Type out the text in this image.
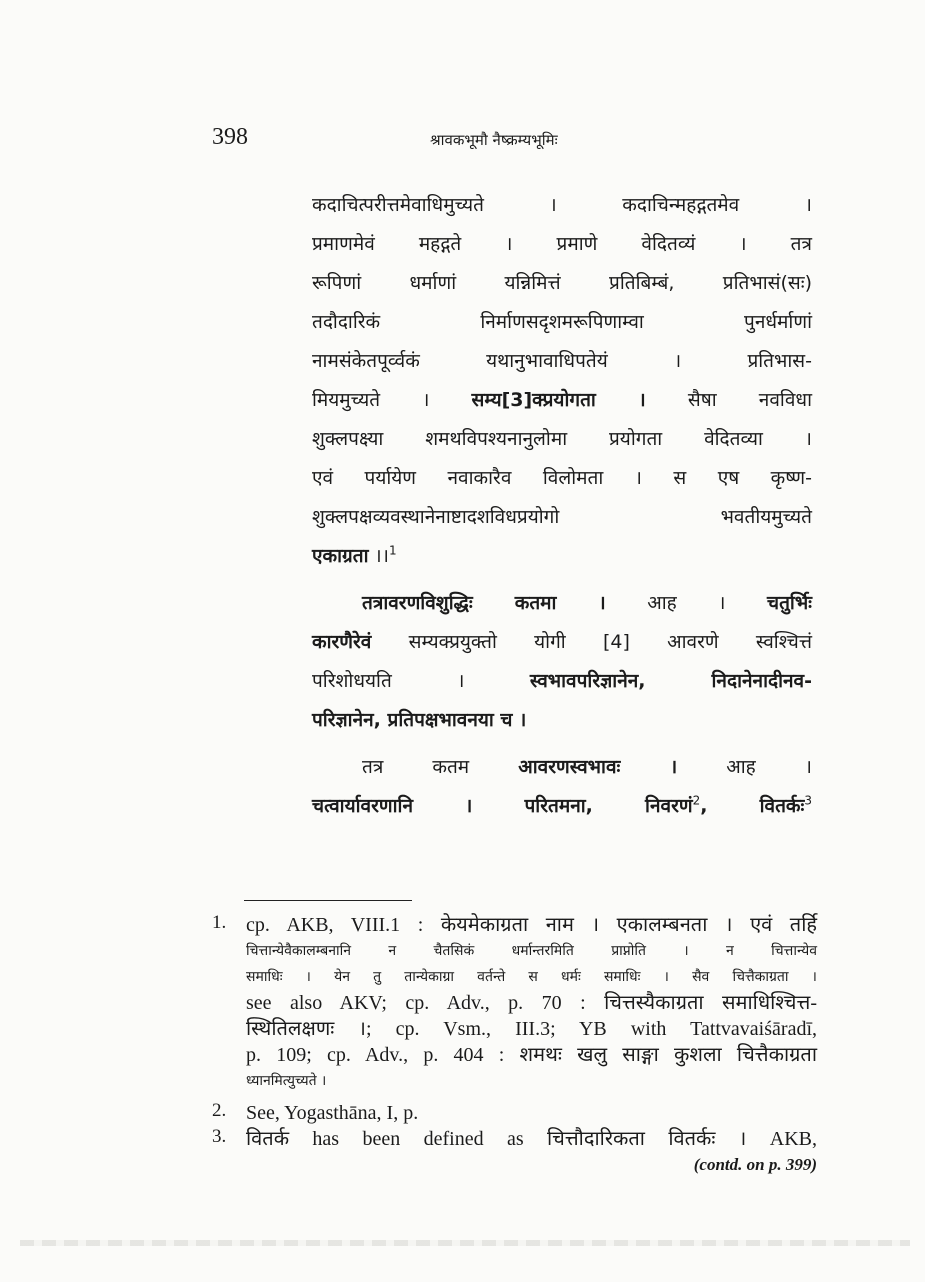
398	श्रावकभूमौ नैष्क्रम्यभूमिः
कदाचित्परीत्तमेवाधिमुच्यते । कदाचिन्महद्गतमेव ।
प्रमाणमेवं महद्गते । प्रमाणे वेदितव्यं । तत्र
रूपिणां धर्माणां यन्निमित्तं प्रतिबिम्बं, प्रतिभासं(सः)
तदौदारिकं निर्माणसदृशमरूपिणाम्वा पुनर्धर्माणां
नामसंकेतपूर्व्वकं यथानुभावाधिपतेयं । प्रतिभास-
मियमुच्यते । सम्य[3]क्प्रयोगता । सैषा नवविधा
शुक्लपक्ष्या शमथविपश्यनानुलोमा प्रयोगता वेदितव्या ।
एवं पर्यायेण नवाकारैव विलोमता । स एष कृष्ण-
शुक्लपक्षव्यवस्थानेनाष्टादशविधप्रयोगो भवतीयमुच्यते
एकाग्रता ।।$^1$
तत्रावरणविशुद्धिः कतमा । आह । चतुर्भिः
कारणैरेवं सम्यक्प्रयुक्तो योगी [4] आवरणे स्वश्चित्तं
परिशोधयति । स्वभावपरिज्ञानेन, निदानेनादीनव-
परिज्ञानेन, प्रतिपक्षभावनया च ।
तत्र कतम आवरणस्वभावः । आह ।
चत्वार्यावरणानि । परितमना, निवरणं$^2$, वितर्कः$^3$
1. cp. AKB, VIII.1 : केयमेकाग्रता नाम । एकालम्बनता । एवं तर्हि
चित्तान्येवैकालम्बनानि न चैतसिकं धर्मान्तरमिति प्राप्नोति । न चित्तान्येव
समाधिः । येन तु तान्येकाग्रा वर्तन्ते स धर्मः समाधिः । सैव चित्तैकाग्रता ।
see also AKV; cp. Adv., p. 70 : चित्तस्यैकाग्रता समाधिश्चित्त-
स्थितिलक्षणः ।; cp. Vsm., III.3; YB with Tattvavaiśāradī,
p. 109; cp. Adv., p. 404 : शमथः खलु साङ्गा कुशला चित्तैकाग्रता
ध्यानमित्युच्यते ।
2. See, Yogasthāna, I, p.
3. वितर्क has been defined as चित्तौदारिकता वितर्कः । AKB,
(contd. on p. 399)
